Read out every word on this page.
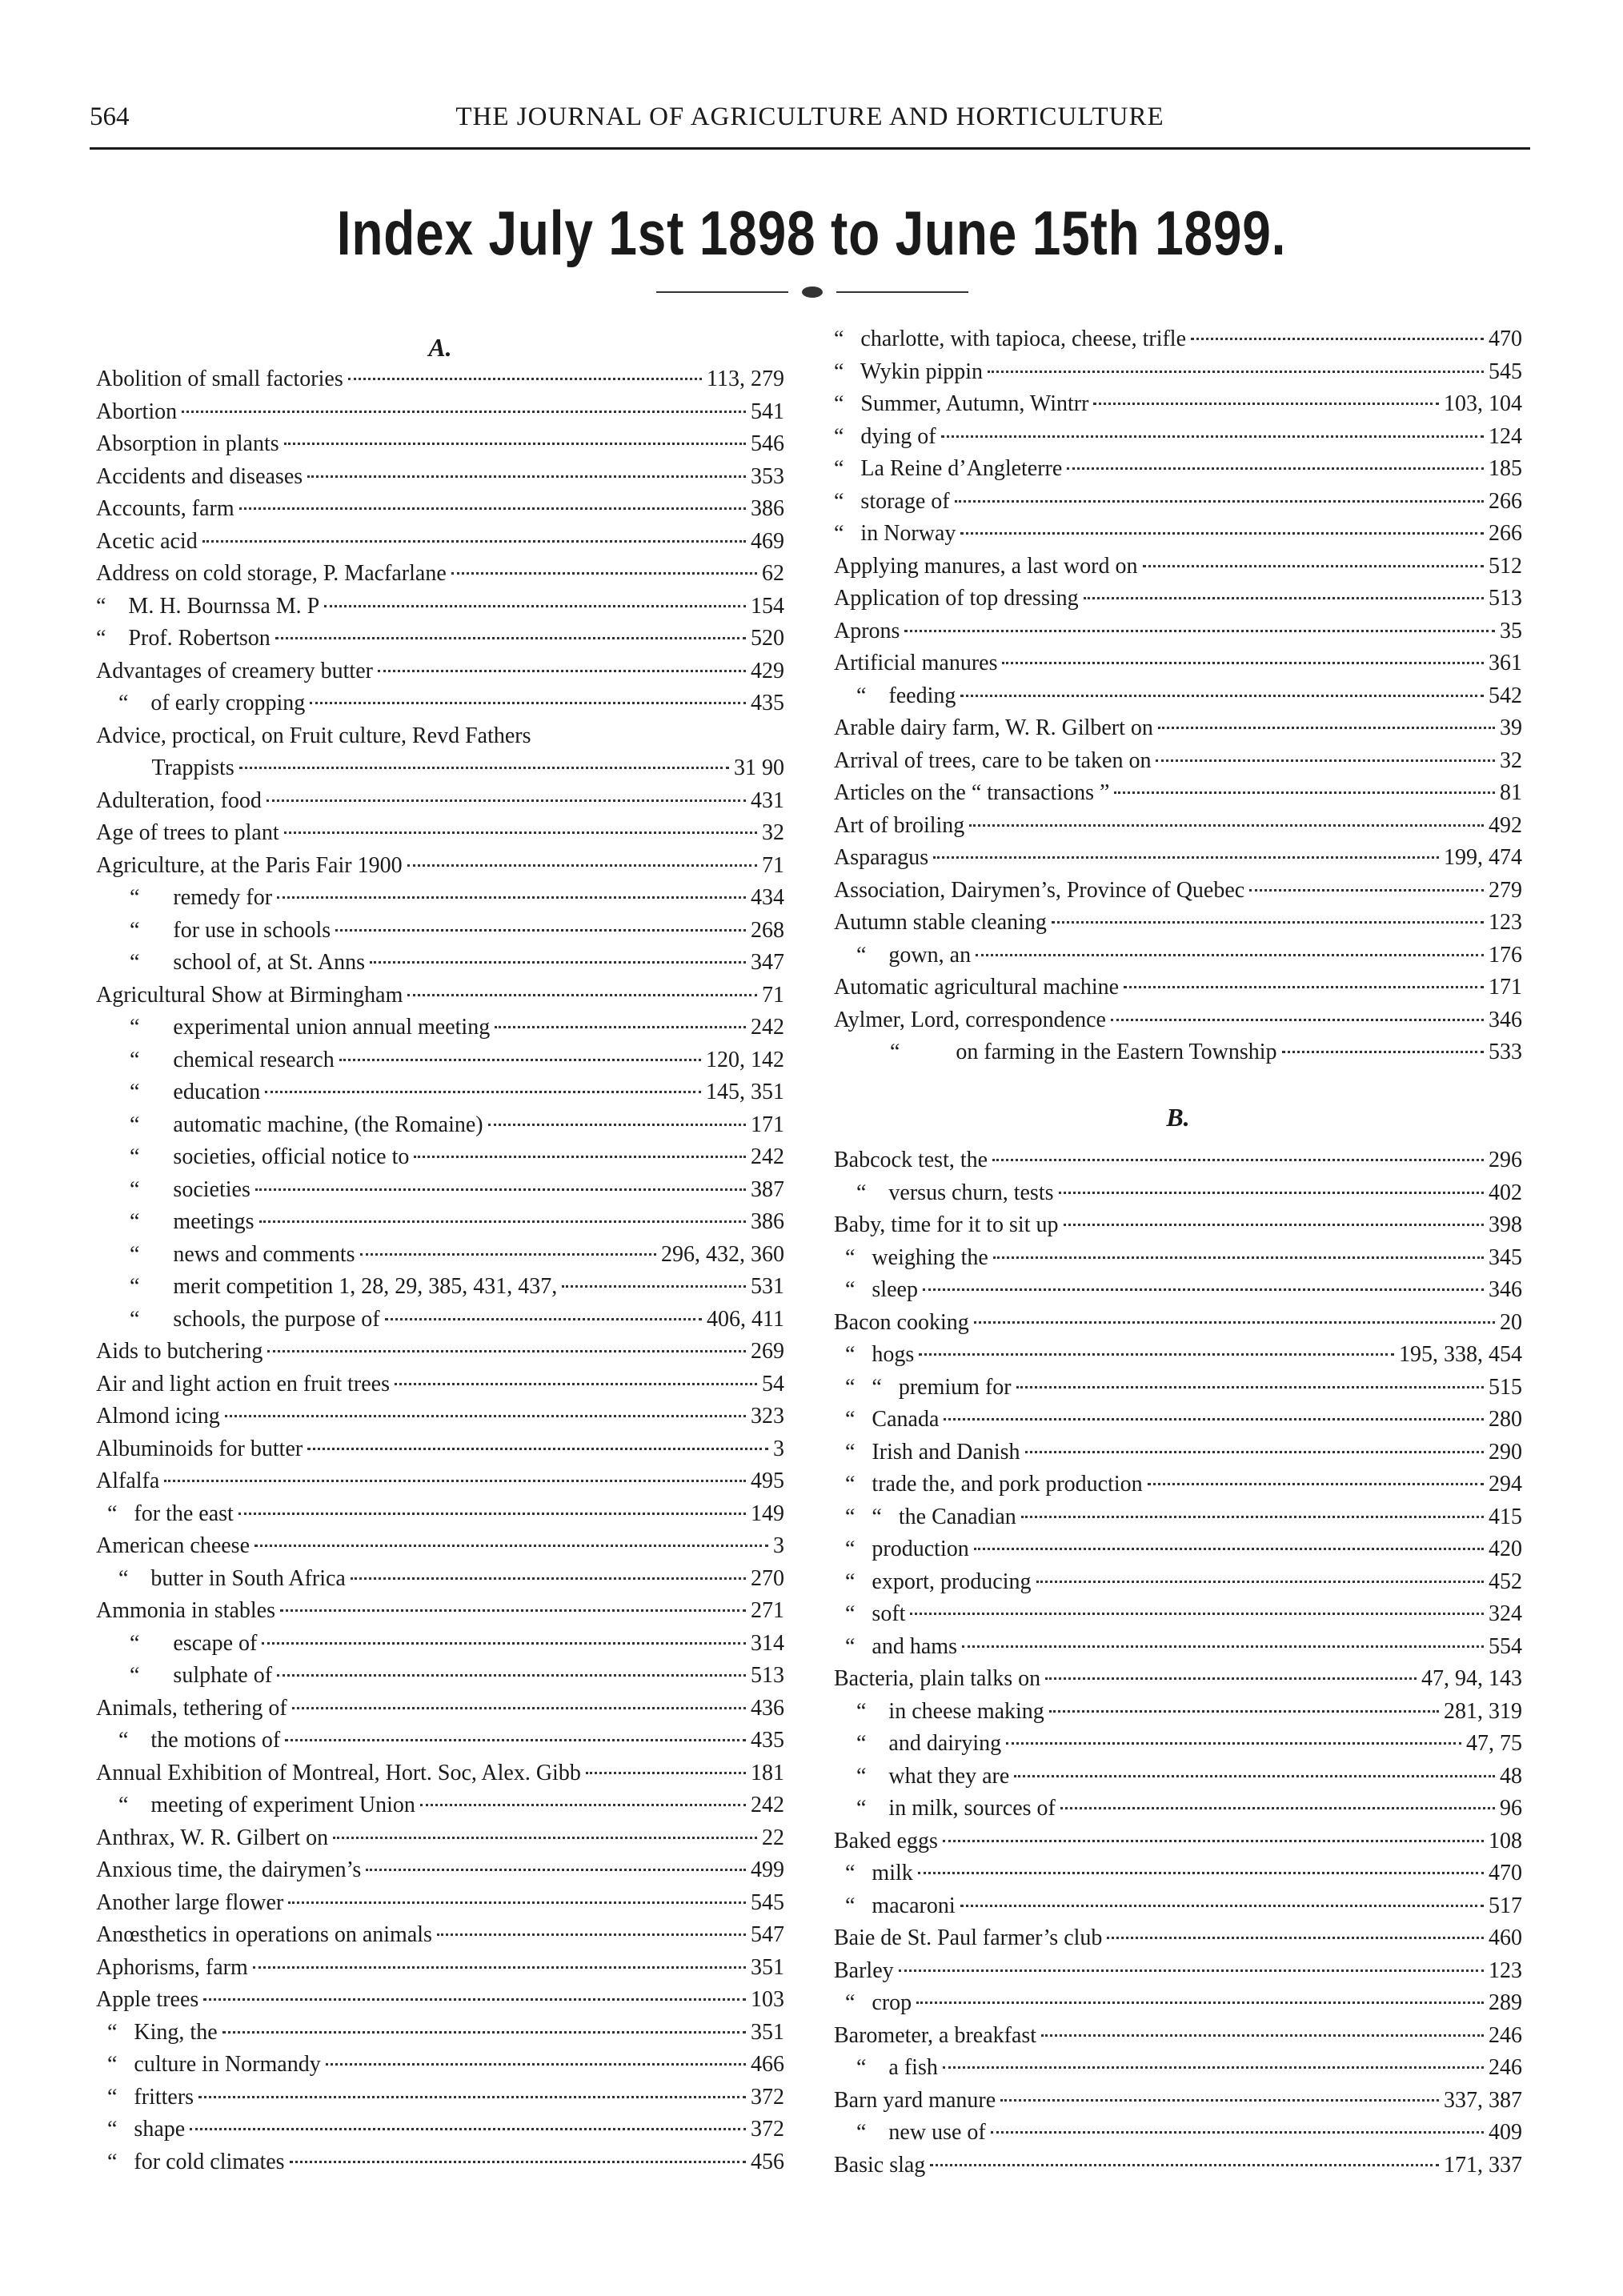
564	THE JOURNAL OF AGRICULTURE AND HORTICULTURE
Index July 1st 1898 to June 15th 1899.
A.
Abolition of small factories	113, 279
Abortion	541
Absorption in plants	546
Accidents and diseases	353
Accounts, farm	386
Acetic acid	469
Address on cold storage, P. Macfarlane	62
“    M. H. Bournssa M. P	154
“    Prof. Robertson	520
Advantages of creamery butter	429
“    of early cropping	435
Advice, proctical, on Fruit culture, Revd Fathers
Trappists	31 90
Adulteration, food	431
Age of trees to plant	32
Agriculture, at the Paris Fair 1900	71
“      remedy for	434
“      for use in schools	268
“      school of, at St. Anns	347
Agricultural Show at Birmingham	71
“      experimental union annual meeting	242
“      chemical research	120, 142
“      education	145, 351
“      automatic machine, (the Romaine)	171
“      societies, official notice to	242
“      societies	387
“      meetings	386
“      news and comments	296, 432, 360
“      merit competition 1, 28, 29, 385, 431, 437,	531
“      schools, the purpose of	406, 411
Aids to butchering	269
Air and light action en fruit trees	54
Almond icing	323
Albuminoids for butter	3
Alfalfa	495
“   for the east	149
American cheese	3
“    butter in South Africa	270
Ammonia in stables	271
“      escape of	314
“      sulphate of	513
Animals, tethering of	436
“    the motions of	435
Annual Exhibition of Montreal, Hort. Soc, Alex. Gibb	181
“    meeting of experiment Union	242
Anthrax, W. R. Gilbert on	22
Anxious time, the dairymen’s	499
Another large flower	545
Anœsthetics in operations on animals	547
Aphorisms, farm	351
Apple trees	103
“   King, the	351
“   culture in Normandy	466
“   fritters	372
“   shape	372
“   for cold climates	456
“   charlotte, with tapioca, cheese, trifle	470
“   Wykin pippin	545
“   Summer, Autumn, Wintrr	103, 104
“   dying of	124
“   La Reine d’Angleterre	185
“   storage of	266
“   in Norway	266
Applying manures, a last word on	512
Application of top dressing	513
Aprons	35
Artificial manures	361
“    feeding	542
Arable dairy farm, W. R. Gilbert on	39
Arrival of trees, care to be taken on	32
Articles on the “ transactions ”	81
Art of broiling	492
Asparagus	199, 474
Association, Dairymen’s, Province of Quebec	279
Autumn stable cleaning	123
“    gown, an	176
Automatic agricultural machine	171
Aylmer, Lord, correspondence	346
“          on farming in the Eastern Township	533
B.
Babcock test, the	296
“    versus churn, tests	402
Baby, time for it to sit up	398
“   weighing the	345
“   sleep	346
Bacon cooking	20
“   hogs	195, 338, 454
“   “   premium for	515
“   Canada	280
“   Irish and Danish	290
“   trade the, and pork production	294
“   “   the Canadian	415
“   production	420
“   export, producing	452
“   soft	324
“   and hams	554
Bacteria, plain talks on	47, 94, 143
“    in cheese making	281, 319
“    and dairying	47, 75
“    what they are	48
“    in milk, sources of	96
Baked eggs	108
“   milk	470
“   macaroni	517
Baie de St. Paul farmer’s club	460
Barley	123
“   crop	289
Barometer, a breakfast	246
“    a fish	246
Barn yard manure	337, 387
“    new use of	409
Basic slag	171, 337
